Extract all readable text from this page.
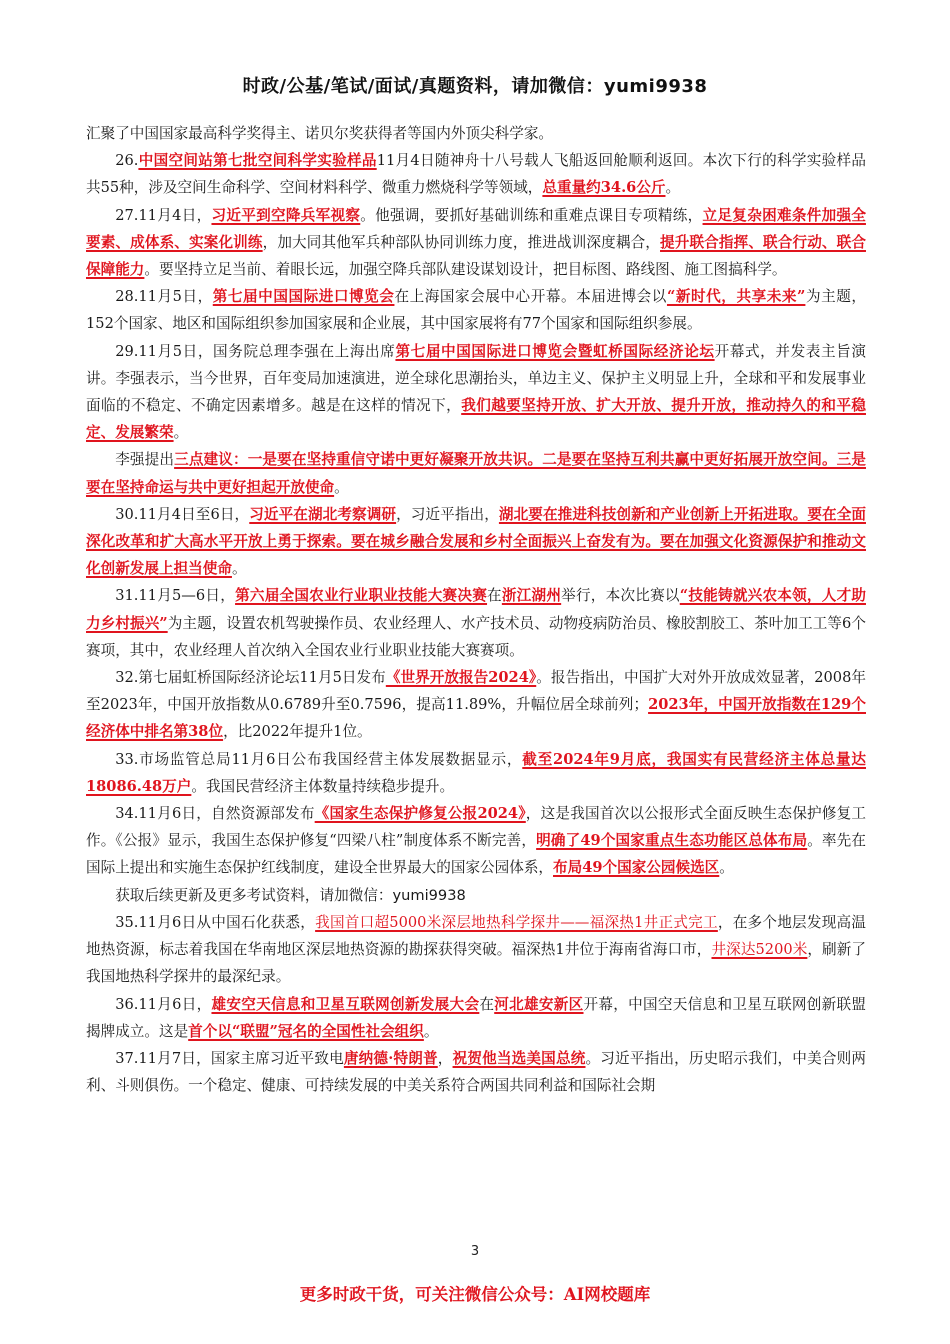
时政/公基/笔试/面试/真题资料，请加微信：yumi9938

汇聚了中国国家最高科学奖得主、诺贝尔奖获得者等国内外顶尖科学家。

26.中国空间站第七批空间科学实验样品11月4日随神舟十八号载人飞船返回舱顺利返回。本次下行的科学实验样品共55种，涉及空间生命科学、空间材料科学、微重力燃烧科学等领域，总重量约34.6公斤。

27.11月4日，习近平到空降兵军视察。他强调，要抓好基础训练和重难点课目专项精练，立足复杂困难条件加强全要素、成体系、实案化训练，加大同其他军兵种部队协同训练力度，推进战训深度耦合，提升联合指挥、联合行动、联合保障能力。要坚持立足当前、着眼长远，加强空降兵部队建设谋划设计，把目标图、路线图、施工图搞科学。

28.11月5日，第七届中国国际进口博览会在上海国家会展中心开幕。本届进博会以“新时代，共享未来”为主题，152个国家、地区和国际组织参加国家展和企业展，其中国家展将有77个国家和国际组织参展。

29.11月5日，国务院总理李强在上海出席第七届中国国际进口博览会暨虹桥国际经济论坛开幕式，并发表主旨演讲。李强表示，当今世界，百年变局加速演进，逆全球化思潮抬头，单边主义、保护主义明显上升，全球和平和发展事业面临的不稳定、不确定因素增多。越是在这样的情况下，我们越要坚持开放、扩大开放、提升开放，推动持久的和平稳定、发展繁荣。

李强提出三点建议：一是要在坚持重信守诺中更好凝聚开放共识。二是要在坚持互利共赢中更好拓展开放空间。三是要在坚持命运与共中更好担起开放使命。

30.11月4日至6日，习近平在湖北考察调研，习近平指出，湖北要在推进科技创新和产业创新上开拓进取。要在全面深化改革和扩大高水平开放上勇于探索。要在城乡融合发展和乡村全面振兴上奋发有为。要在加强文化资源保护和推动文化创新发展上担当使命。

31.11月5—6日，第六届全国农业行业职业技能大赛决赛在浙江湖州举行，本次比赛以“技能铸就兴农本领，人才助力乡村振兴”为主题，设置农机驾驶操作员、农业经理人、水产技术员、动物疫病防治员、橡胶割胶工、茶叶加工工等6个赛项，其中，农业经理人首次纳入全国农业行业职业技能大赛赛项。

32.第七届虹桥国际经济论坛11月5日发布《世界开放报告2024》。报告指出，中国扩大对外开放成效显著，2008年至2023年，中国开放指数从0.6789升至0.7596，提高11.89%，升幅位居全球前列；2023年，中国开放指数在129个经济体中排名第38位，比2022年提升1位。

33.市场监管总局11月6日公布我国经营主体发展数据显示，截至2024年9月底，我国实有民营经济主体总量达18086.48万户。我国民营经济主体数量持续稳步提升。

34.11月6日，自然资源部发布《国家生态保护修复公报2024》，这是我国首次以公报形式全面反映生态保护修复工作。《公报》显示，我国生态保护修复“四梁八柱”制度体系不断完善，明确了49个国家重点生态功能区总体布局。率先在国际上提出和实施生态保护红线制度，建设全世界最大的国家公园体系，布局49个国家公园候选区。

获取后续更新及更多考试资料，请加微信：yumi9938

35.11月6日从中国石化获悉，我国首口超5000米深层地热科学探井——福深热1井正式完工，在多个地层发现高温地热资源，标志着我国在华南地区深层地热资源的勘探获得突破。福深热1井位于海南省海口市，井深达5200米，刷新了我国地热科学探井的最深纪录。

36.11月6日，雄安空天信息和卫星互联网创新发展大会在河北雄安新区开幕，中国空天信息和卫星互联网创新联盟揭牌成立。这是首个以“联盟”冠名的全国性社会组织。

37.11月7日，国家主席习近平致电唐纳德·特朗普，祝贺他当选美国总统。习近平指出，历史昭示我们，中美合则两利、斗则俱伤。一个稳定、健康、可持续发展的中美关系符合两国共同利益和国际社会期

3
更多时政干货，可关注微信公众号：AI网校题库
